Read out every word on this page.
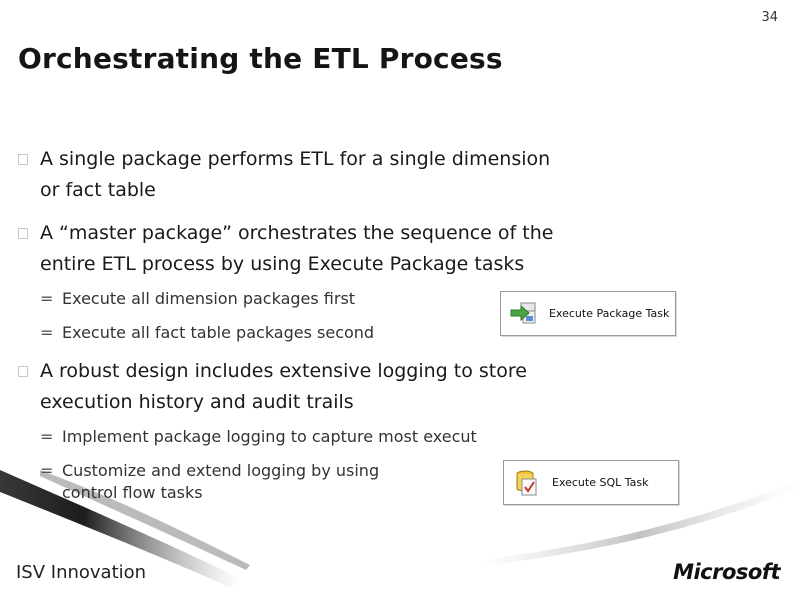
34
Orchestrating the ETL Process
A single package performs ETL for a single dimension
or fact table
A “master package” orchestrates the sequence of the
entire ETL process by using Execute Package tasks
= Execute all dimension packages first
= Execute all fact table packages second
A robust design includes extensive logging to store
execution history and audit trails
= Implement package logging to capture most execut
= Customize and extend logging by using
control flow tasks
Execute Package Task
Execute SQL Task
ISV Innovation	Microsoft
